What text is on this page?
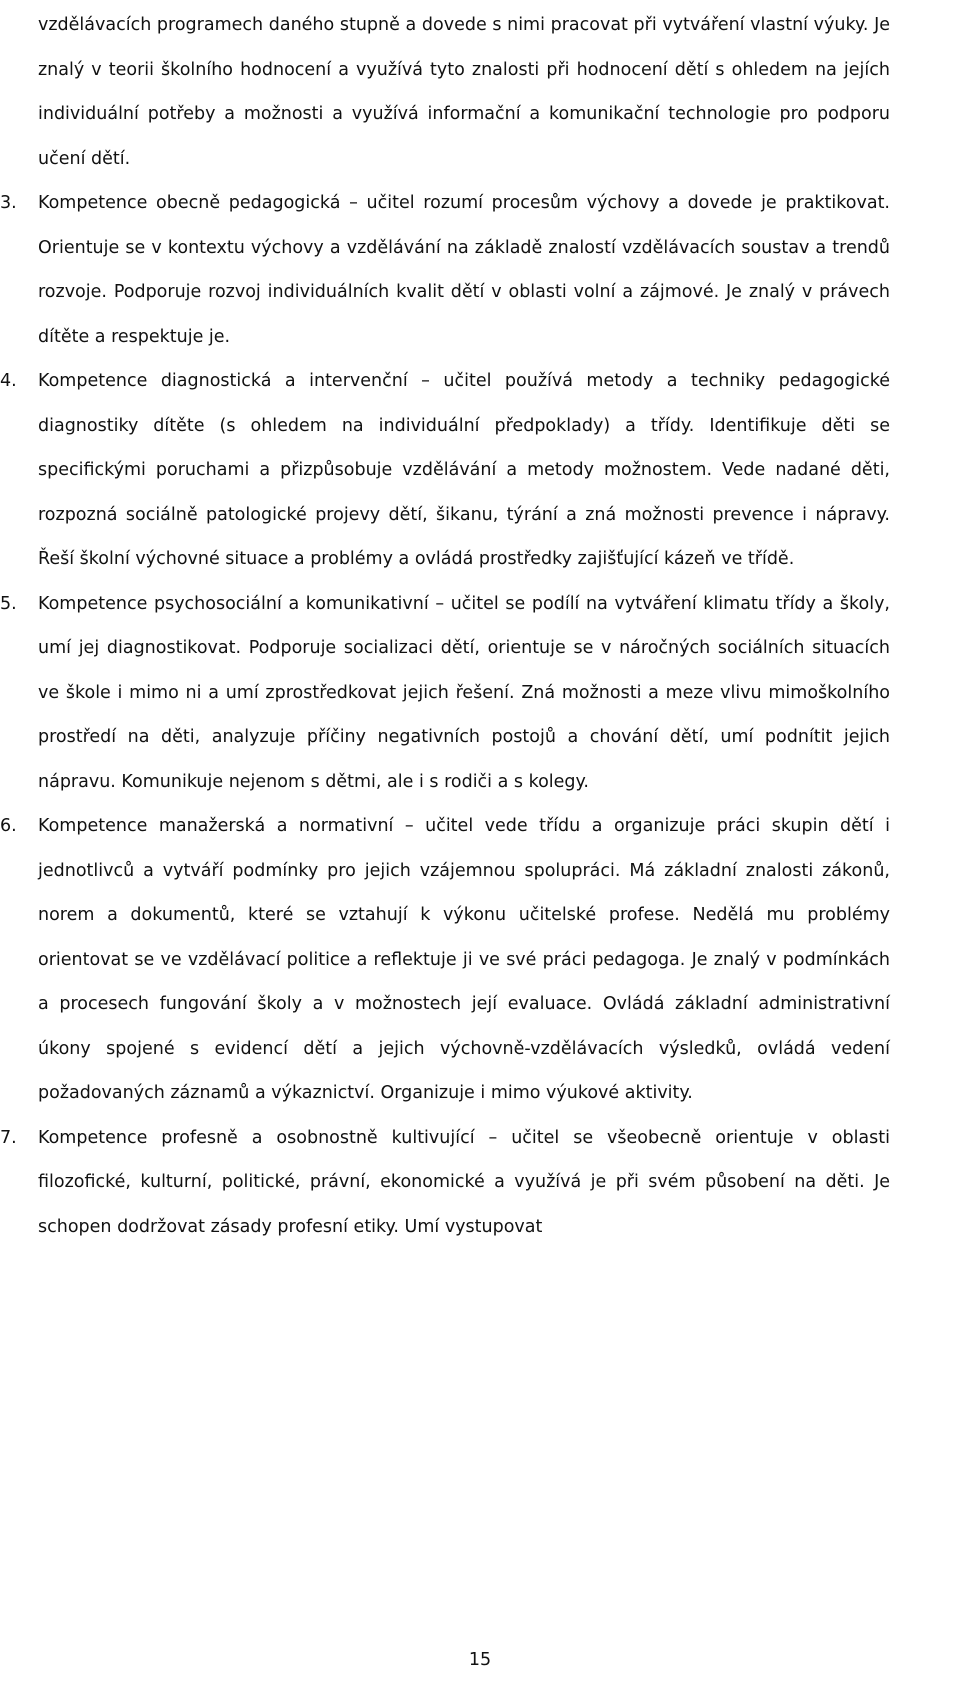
vzdělávacích programech daného stupně a dovede s nimi pracovat při vytváření vlastní výuky. Je znalý v teorii školního hodnocení a využívá tyto znalosti při hodnocení dětí s ohledem na jejích individuální potřeby a možnosti a využívá informační a komunikační technologie pro podporu učení dětí.

3.	Kompetence obecně pedagogická – učitel rozumí procesům výchovy a dovede je praktikovat. Orientuje se v kontextu výchovy a vzdělávání na základě znalostí vzdělávacích soustav a trendů rozvoje. Podporuje rozvoj individuálních kvalit dětí v oblasti volní a zájmové. Je znalý v právech dítěte a respektuje je.

4.	Kompetence diagnostická a intervenční – učitel používá metody a techniky pedagogické diagnostiky dítěte (s ohledem na individuální předpoklady) a třídy. Identifikuje děti se specifickými poruchami a přizpůsobuje vzdělávání a metody možnostem. Vede nadané děti, rozpozná sociálně patologické projevy dětí, šikanu, týrání a zná možnosti prevence i nápravy. Řeší školní výchovné situace a problémy a ovládá prostředky zajišťující kázeň ve třídě.

5.	Kompetence psychosociální a komunikativní – učitel se podílí na vytváření klimatu třídy a školy, umí jej diagnostikovat. Podporuje socializaci dětí, orientuje se v náročných sociálních situacích ve škole i mimo ni a umí zprostředkovat jejich řešení. Zná možnosti a meze vlivu mimoškolního prostředí na děti, analyzuje příčiny negativních postojů a chování dětí, umí podnítit jejich nápravu. Komunikuje nejenom s dětmi, ale i s rodiči a s kolegy.

6.	Kompetence manažerská a normativní – učitel vede třídu a organizuje práci skupin dětí i jednotlivců a vytváří podmínky pro jejich vzájemnou spolupráci. Má základní znalosti zákonů, norem a dokumentů, které se vztahují k výkonu učitelské profese. Nedělá mu problémy orientovat se ve vzdělávací politice a reflektuje ji ve své práci pedagoga. Je znalý v podmínkách a procesech fungování školy a v možnostech její evaluace. Ovládá základní administrativní úkony spojené s evidencí dětí a jejich výchovně-vzdělávacích výsledků, ovládá vedení požadovaných záznamů a výkaznictví. Organizuje i mimo výukové aktivity.

7.	Kompetence profesně a osobnostně kultivující – učitel se všeobecně orientuje v oblasti filozofické, kulturní, politické, právní, ekonomické a využívá je při svém působení na děti. Je schopen dodržovat zásady profesní etiky. Umí vystupovat

15
